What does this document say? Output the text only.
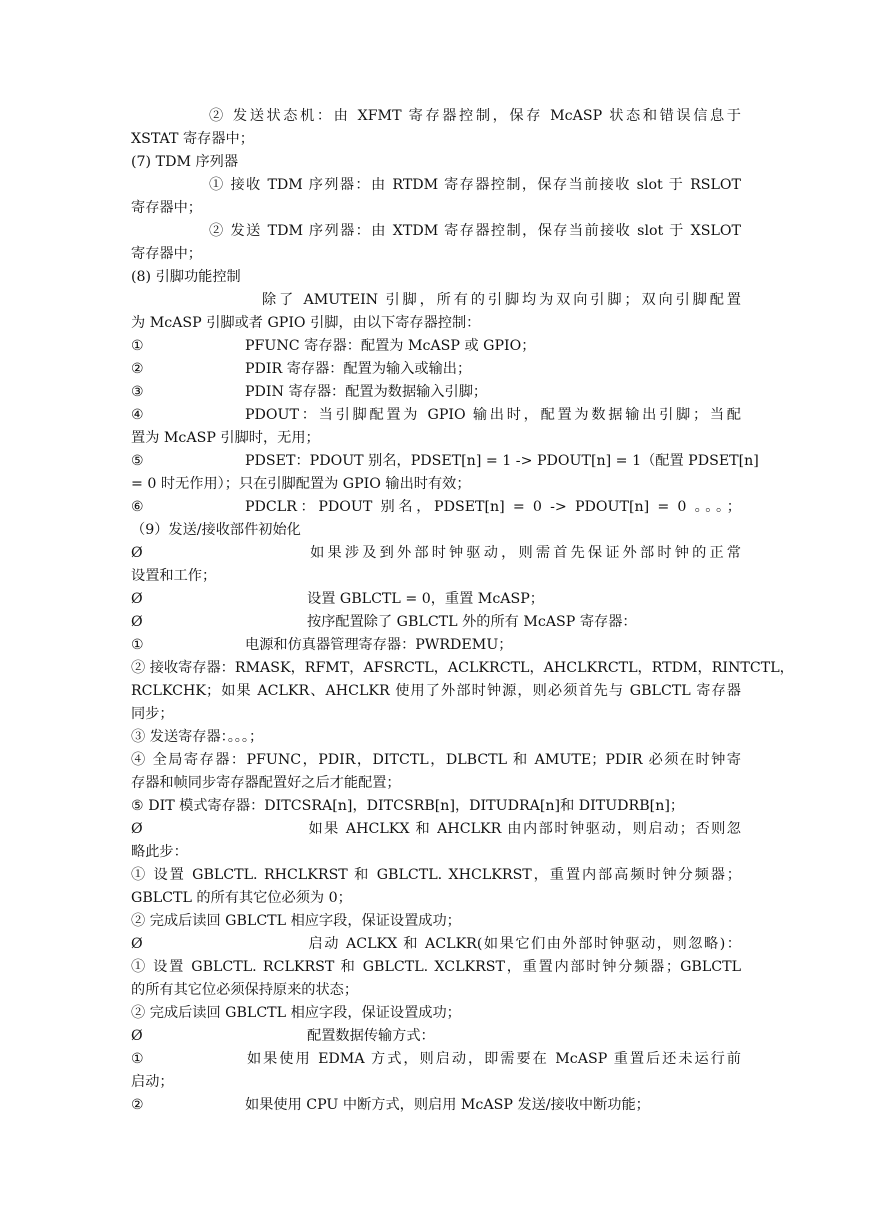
② 发送状态机：由 XFMT 寄存器控制，保存 McASP 状态和错误信息于
XSTAT 寄存器中；
(7) TDM 序列器
① 接收 TDM 序列器：由 RTDM 寄存器控制，保存当前接收 slot 于 RSLOT
寄存器中；
② 发送 TDM 序列器：由 XTDM 寄存器控制，保存当前接收 slot 于 XSLOT
寄存器中；
(8) 引脚功能控制
除了 AMUTEIN 引脚，所有的引脚均为双向引脚；双向引脚配置
为 McASP 引脚或者 GPIO 引脚，由以下寄存器控制：
①	PFUNC 寄存器：配置为 McASP 或 GPIO；
②	PDIR 寄存器：配置为输入或输出；
③	PDIN 寄存器：配置为数据输入引脚；
④	PDOUT：当引脚配置为 GPIO 输出时，配置为数据输出引脚；当配
置为 McASP 引脚时，无用；
⑤	PDSET：PDOUT 别名，PDSET[n] = 1 -> PDOUT[n] = 1（配置 PDSET[n]
= 0 时无作用）；只在引脚配置为 GPIO 输出时有效；
⑥	PDCLR：PDOUT 别名，PDSET[n] = 0 -> PDOUT[n] = 0 。。。；
（9）发送/接收部件初始化
Ø	如果涉及到外部时钟驱动，则需首先保证外部时钟的正常
设置和工作；
Ø	设置 GBLCTL = 0，重置 McASP；
Ø	按序配置除了 GBLCTL 外的所有 McASP 寄存器：
①	电源和仿真器管理寄存器：PWRDEMU；
② 接收寄存器：RMASK，RFMT，AFSRCTL，ACLKRCTL，AHCLKRCTL，RTDM，RINTCTL，
RCLKCHK；如果 ACLKR、AHCLKR 使用了外部时钟源，则必须首先与 GBLCTL 寄存器
同步；
③ 发送寄存器：。。。；
④ 全局寄存器：PFUNC，PDIR，DITCTL，DLBCTL 和 AMUTE；PDIR 必须在时钟寄
存器和帧同步寄存器配置好之后才能配置；
⑤ DIT 模式寄存器：DITCSRA[n]，DITCSRB[n]，DITUDRA[n]和 DITUDRB[n]；
Ø	如果 AHCLKX 和 AHCLKR 由内部时钟驱动，则启动；否则忽
略此步：
① 设置 GBLCTL. RHCLKRST 和 GBLCTL. XHCLKRST，重置内部高频时钟分频器；
GBLCTL 的所有其它位必须为 0；
② 完成后读回 GBLCTL 相应字段，保证设置成功；
Ø	启动 ACLKX 和 ACLKR(如果它们由外部时钟驱动，则忽略)：
① 设置 GBLCTL. RCLKRST 和 GBLCTL. XCLKRST，重置内部时钟分频器；GBLCTL
的所有其它位必须保持原来的状态；
② 完成后读回 GBLCTL 相应字段，保证设置成功；
Ø	配置数据传输方式：
①	如果使用 EDMA 方式，则启动，即需要在 McASP 重置后还未运行前
启动；
②	如果使用 CPU 中断方式，则启用 McASP 发送/接收中断功能；
